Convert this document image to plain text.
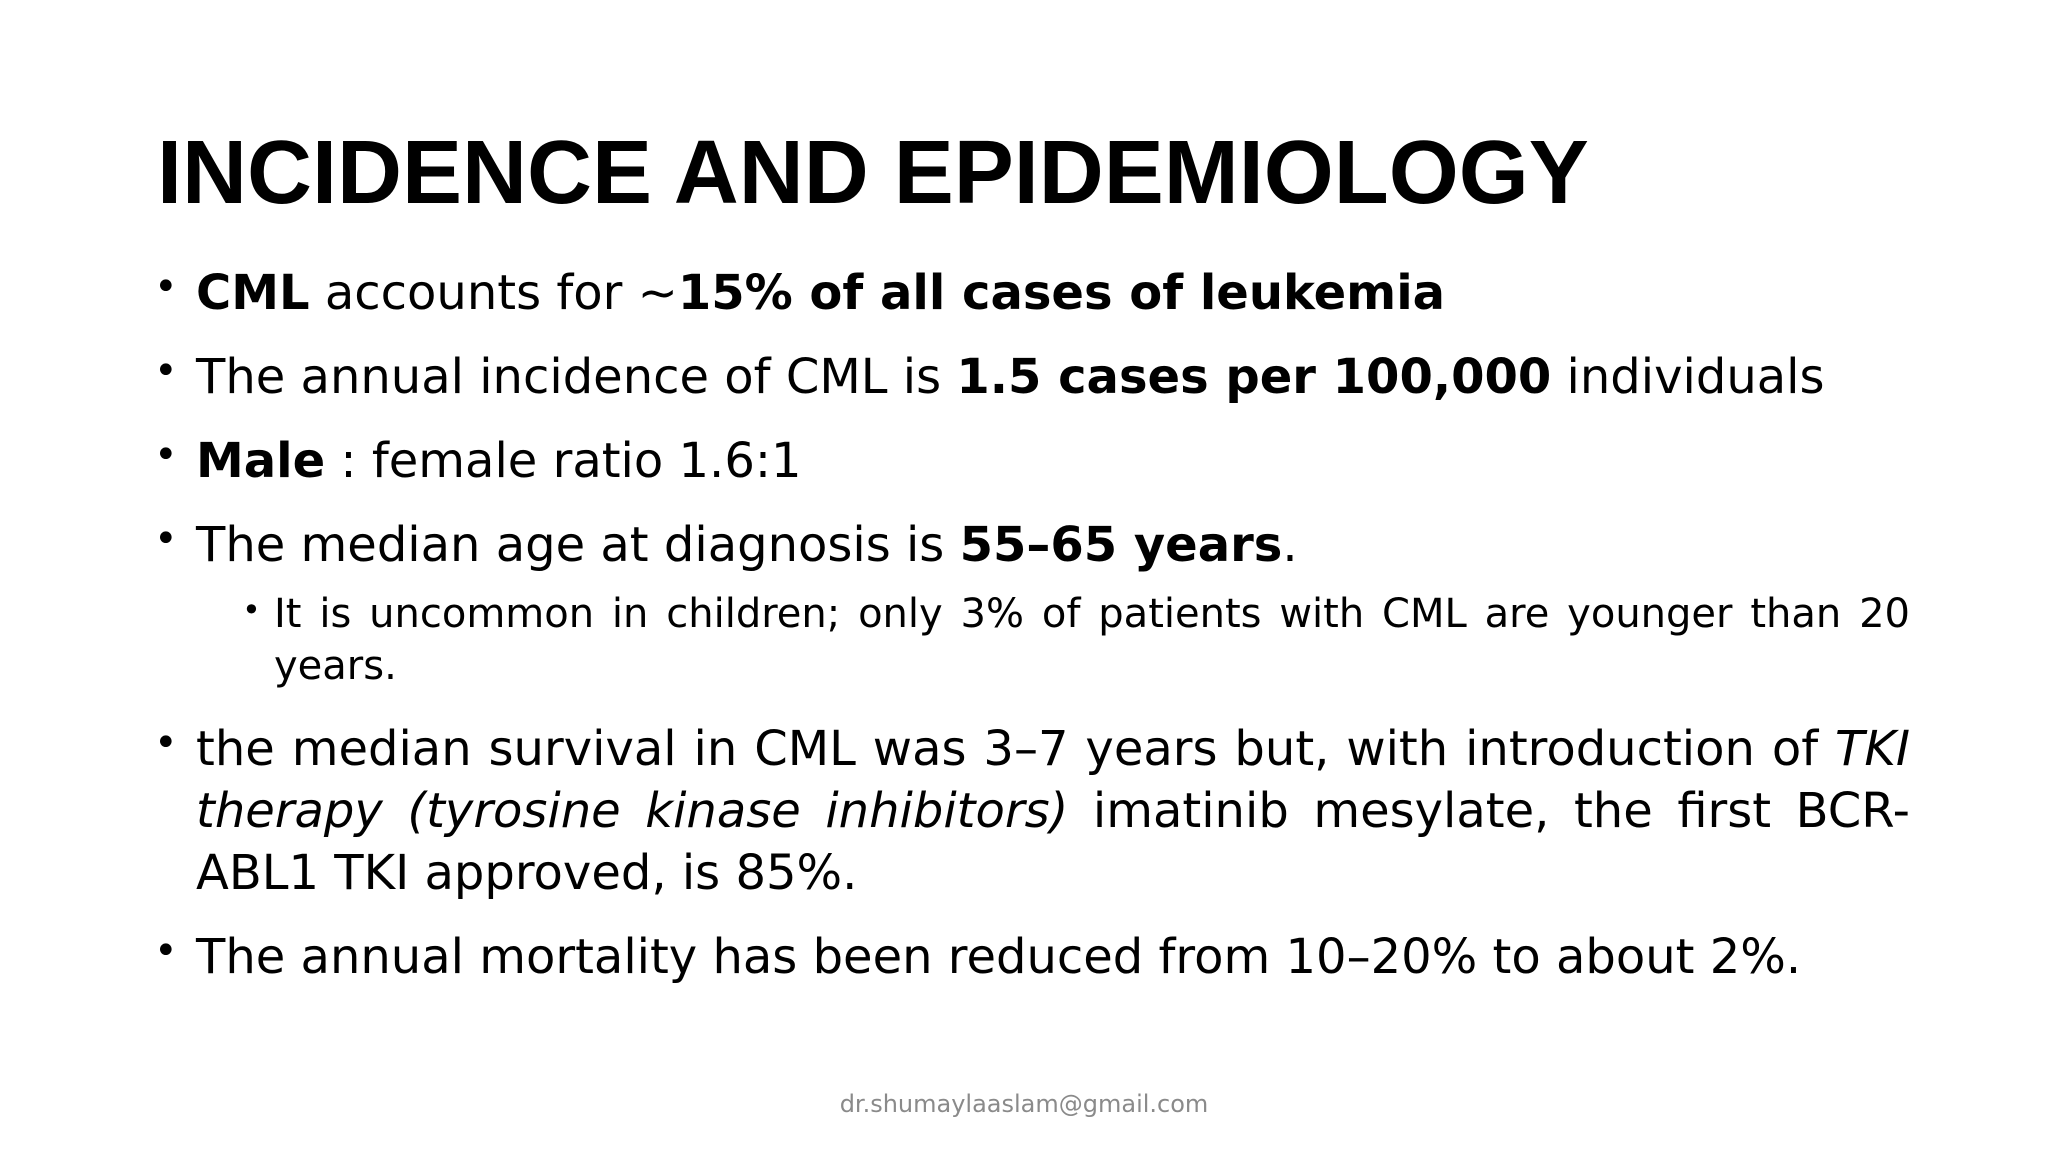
INCIDENCE AND EPIDEMIOLOGY
• CML accounts for ~15% of all cases of leukemia
• The annual incidence of CML is 1.5 cases per 100,000 individuals
• Male : female ratio 1.6:1
• The median age at diagnosis is 55–65 years.
• It is uncommon in children; only 3% of patients with CML are younger than 20 years.
• the median survival in CML was 3–7 years but, with introduction of TKI therapy (tyrosine kinase inhibitors) imatinib mesylate, the first BCR-ABL1 TKI approved, is 85%.
• The annual mortality has been reduced from 10–20% to about 2%.
dr.shumaylaaslam@gmail.com
